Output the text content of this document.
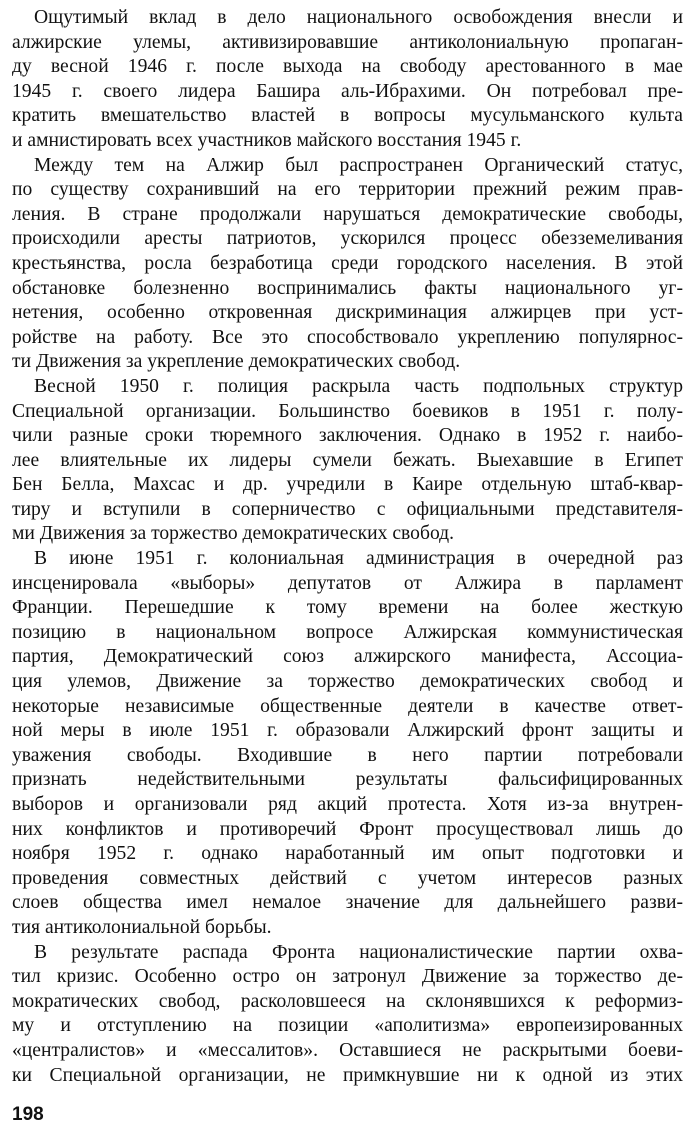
Ощутимый вклад в дело национального освобождения внесли и
алжирские улемы, активизировавшие антиколониальную пропаган-
ду весной 1946 г. после выхода на свободу арестованного в мае
1945 г. своего лидера Башира аль-Ибрахими. Он потребовал пре-
кратить вмешательство властей в вопросы мусульманского культа
и амнистировать всех участников майского восстания 1945 г.
Между тем на Алжир был распространен Органический статус,
по существу сохранивший на его территории прежний режим прав-
ления. В стране продолжали нарушаться демократические свободы,
происходили аресты патриотов, ускорился процесс обезземеливания
крестьянства, росла безработица среди городского населения. В этой
обстановке болезненно воспринимались факты национального уг-
нетения, особенно откровенная дискриминация алжирцев при уст-
ройстве на работу. Все это способствовало укреплению популярнос-
ти Движения за укрепление демократических свобод.
Весной 1950 г. полиция раскрыла часть подпольных структур
Специальной организации. Большинство боевиков в 1951 г. полу-
чили разные сроки тюремного заключения. Однако в 1952 г. наибо-
лее влиятельные их лидеры сумели бежать. Выехавшие в Египет
Бен Белла, Махсас и др. учредили в Каире отдельную штаб-квар-
тиру и вступили в соперничество с официальными представителя-
ми Движения за торжество демократических свобод.
В июне 1951 г. колониальная администрация в очередной раз
инсценировала «выборы» депутатов от Алжира в парламент
Франции. Перешедшие к тому времени на более жесткую
позицию в национальном вопросе Алжирская коммунистическая
партия, Демократический союз алжирского манифеста, Ассоциа-
ция улемов, Движение за торжество демократических свобод и
некоторые независимые общественные деятели в качестве ответ-
ной меры в июле 1951 г. образовали Алжирский фронт защиты и
уважения свободы. Входившие в него партии потребовали
признать недействительными результаты фальсифицированных
выборов и организовали ряд акций протеста. Хотя из-за внутрен-
них конфликтов и противоречий Фронт просуществовал лишь до
ноября 1952 г. однако наработанный им опыт подготовки и
проведения совместных действий с учетом интересов разных
слоев общества имел немалое значение для дальнейшего разви-
тия антиколониальной борьбы.
В результате распада Фронта националистические партии охва-
тил кризис. Особенно остро он затронул Движение за торжество де-
мократических свобод, расколовшееся на склонявшихся к реформиз-
му и отступлению на позиции «аполитизма» европеизированных
«централистов» и «мессалитов». Оставшиеся не раскрытыми боеви-
ки Специальной организации, не примкнувшие ни к одной из этих
198
